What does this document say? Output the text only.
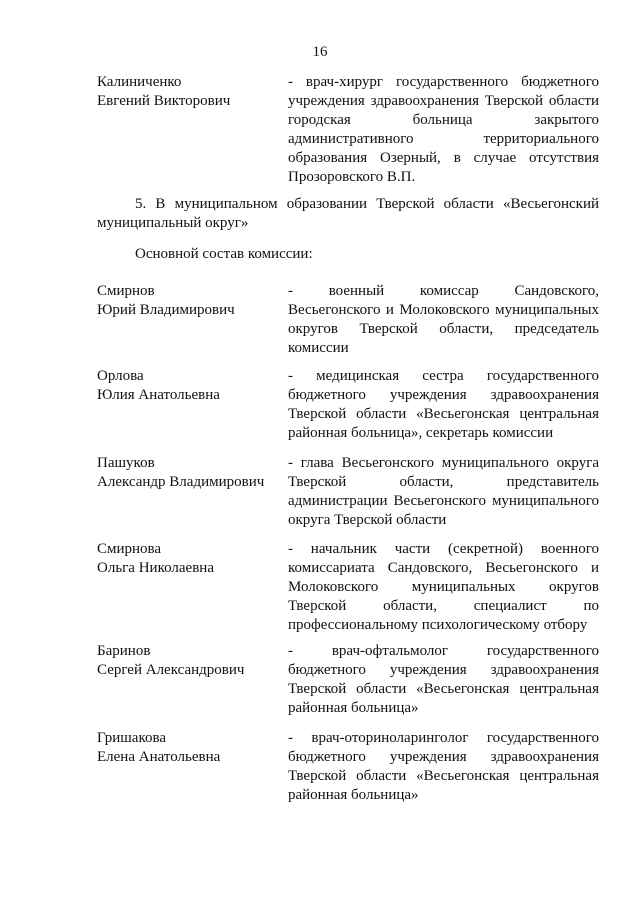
16
Калиниченко
Евгений Викторович
- врач-хирург государственного бюджетного учреждения здравоохранения Тверской области городская больница закрытого административного территориального образования Озерный, в случае отсутствия Прозоровского В.П.
5. В муниципальном образовании Тверской области «Весьегонский муниципальный округ»
Основной состав комиссии:
Смирнов
Юрий Владимирович
- военный комиссар Сандовского, Весьегонского и Молоковского муниципальных округов Тверской области, председатель комиссии
Орлова
Юлия Анатольевна
- медицинская сестра государственного бюджетного учреждения здравоохранения Тверской области «Весьегонская центральная районная больница», секретарь комиссии
Пашуков
Александр Владимирович
- глава Весьегонского муниципального округа Тверской области, представитель администрации Весьегонского муниципального округа Тверской области
Смирнова
Ольга Николаевна
- начальник части (секретной) военного комиссариата Сандовского, Весьегонского и Молоковского муниципальных округов Тверской области, специалист по профессиональному психологическому отбору
Баринов
Сергей Александрович
- врач-офтальмолог государственного бюджетного учреждения здравоохранения Тверской области «Весьегонская центральная районная больница»
Гришакова
Елена Анатольевна
- врач-оториноларинголог государственного бюджетного учреждения здравоохранения Тверской области «Весьегонская центральная районная больница»
